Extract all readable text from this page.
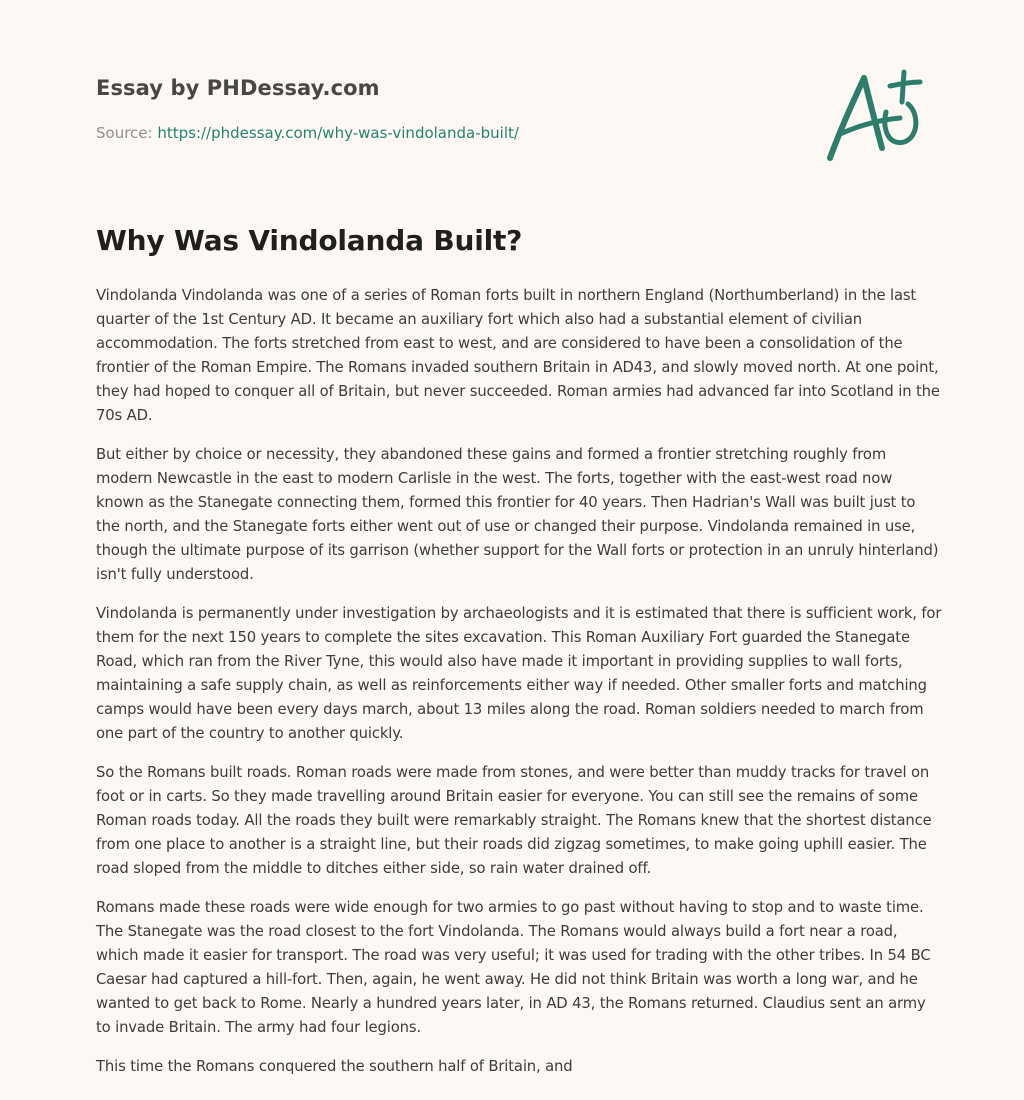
Essay by PHDessay.com
Source: https://phdessay.com/why-was-vindolanda-built/
Why Was Vindolanda Built?

Vindolanda Vindolanda was one of a series of Roman forts built in northern England (Northumberland) in the last quarter of the 1st Century AD. It became an auxiliary fort which also had a substantial element of civilian accommodation. The forts stretched from east to west, and are considered to have been a consolidation of the frontier of the Roman Empire. The Romans invaded southern Britain in AD43, and slowly moved north. At one point, they had hoped to conquer all of Britain, but never succeeded. Roman armies had advanced far into Scotland in the 70s AD.

But either by choice or necessity, they abandoned these gains and formed a frontier stretching roughly from modern Newcastle in the east to modern Carlisle in the west. The forts, together with the east-west road now known as the Stanegate connecting them, formed this frontier for 40 years. Then Hadrian's Wall was built just to the north, and the Stanegate forts either went out of use or changed their purpose. Vindolanda remained in use, though the ultimate purpose of its garrison (whether support for the Wall forts or protection in an unruly hinterland) isn't fully understood.

Vindolanda is permanently under investigation by archaeologists and it is estimated that there is sufficient work, for them for the next 150 years to complete the sites excavation. This Roman Auxiliary Fort guarded the Stanegate Road, which ran from the River Tyne, this would also have made it important in providing supplies to wall forts, maintaining a safe supply chain, as well as reinforcements either way if needed. Other smaller forts and matching camps would have been every days march, about 13 miles along the road. Roman soldiers needed to march from one part of the country to another quickly.

So the Romans built roads. Roman roads were made from stones, and were better than muddy tracks for travel on foot or in carts. So they made travelling around Britain easier for everyone. You can still see the remains of some Roman roads today. All the roads they built were remarkably straight. The Romans knew that the shortest distance from one place to another is a straight line, but their roads did zigzag sometimes, to make going uphill easier. The road sloped from the middle to ditches either side, so rain water drained off.

Romans made these roads were wide enough for two armies to go past without having to stop and to waste time. The Stanegate was the road closest to the fort Vindolanda. The Romans would always build a fort near a road, which made it easier for transport. The road was very useful; it was used for trading with the other tribes. In 54 BC Caesar had captured a hill-fort. Then, again, he went away. He did not think Britain was worth a long war, and he wanted to get back to Rome. Nearly a hundred years later, in AD 43, the Romans returned. Claudius sent an army to invade Britain. The army had four legions.

This time the Romans conquered the southern half of Britain, and
